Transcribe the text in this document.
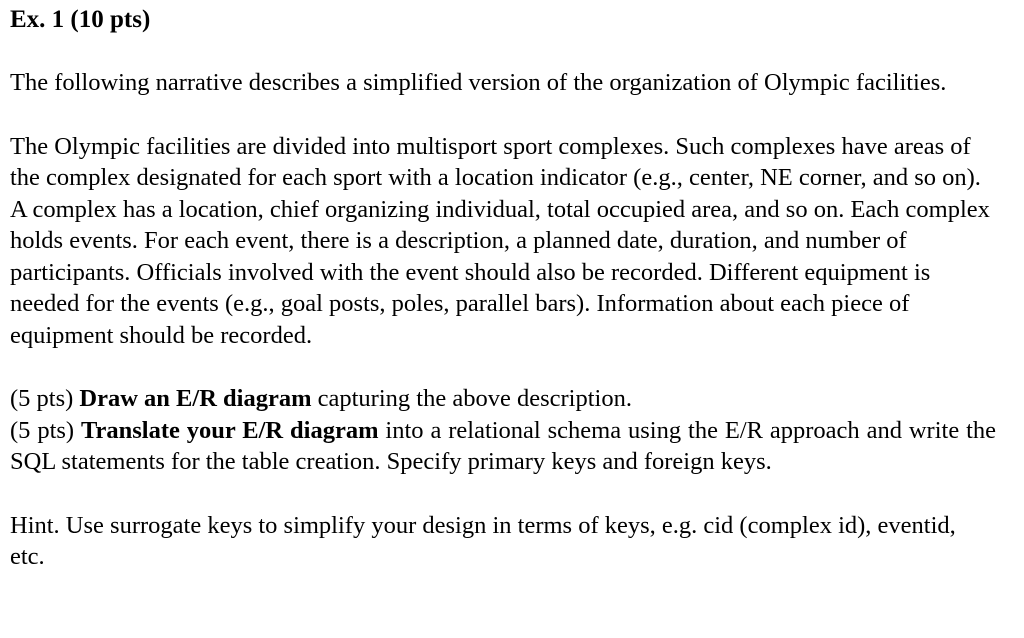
Ex. 1 (10 pts)

The following narrative describes a simplified version of the organization of Olympic facilities.

The Olympic facilities are divided into multisport sport complexes. Such complexes have areas of the complex designated for each sport with a location indicator (e.g., center, NE corner, and so on). A complex has a location, chief organizing individual, total occupied area, and so on. Each complex holds events. For each event, there is a description, a planned date, duration, and number of participants. Officials involved with the event should also be recorded. Different equipment is needed for the events (e.g., goal posts, poles, parallel bars). Information about each piece of equipment should be recorded.

(5 pts) Draw an E/R diagram capturing the above description.

(5 pts) Translate your E/R diagram into a relational schema using the E/R approach and write the SQL statements for the table creation. Specify primary keys and foreign keys.

Hint. Use surrogate keys to simplify your design in terms of keys, e.g. cid (complex id), eventid, etc.
